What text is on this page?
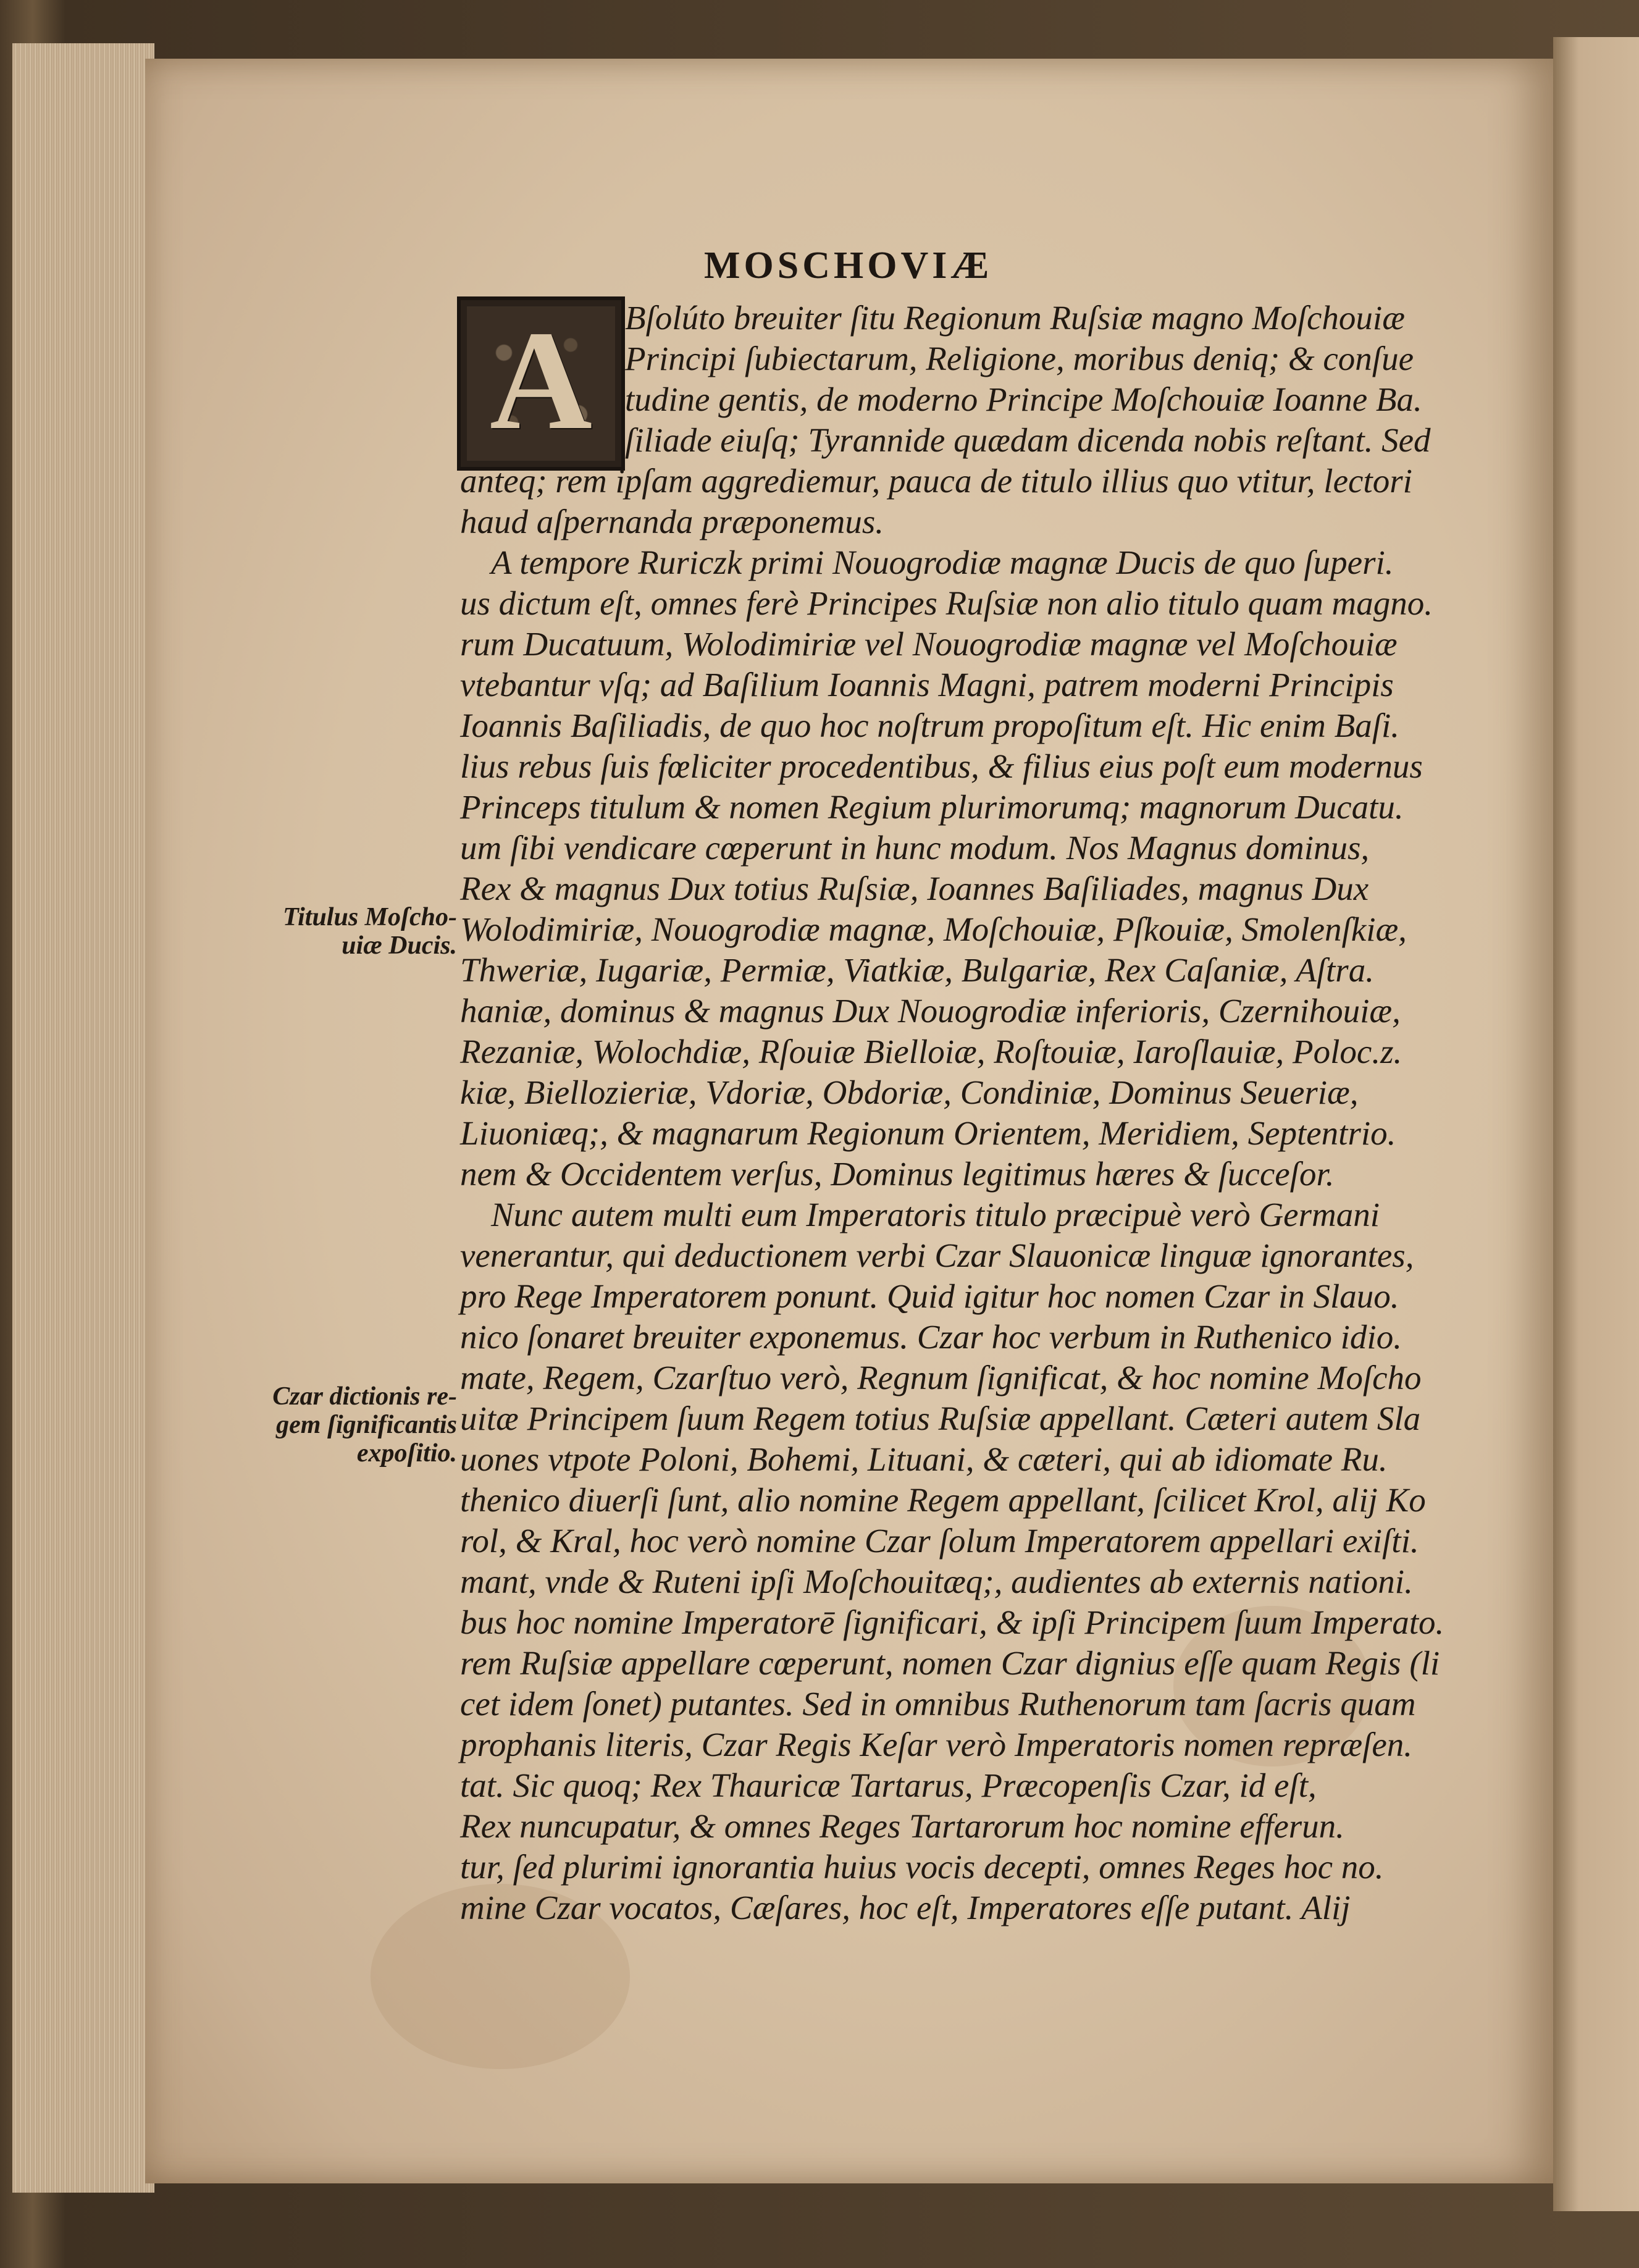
MOSCHOVIÆ
A Bſolúto breuiter ſitu Regionum Ruſsiæ magno Moſchouiæ

Principi ſubiectarum, Religione, moribus deniq; & conſue

tudine gentis, de moderno Principe Moſchouiæ Ioanne Ba.

ſiliade eiuſq; Tyrannide quædam dicenda nobis reſtant. Sed

anteq; rem ipſam aggrediemur, pauca de titulo illius quo vtitur, lectori

haud aſpernanda præponemus.

A tempore Ruriczk primi Nouogrodiæ magnæ Ducis de quo ſuperi.

us dictum eſt, omnes ferè Principes Ruſsiæ non alio titulo quam magno.

rum Ducatuum, Wolodimiriæ vel Nouogrodiæ magnæ vel Moſchouiæ

vtebantur vſq; ad Baſilium Ioannis Magni, patrem moderni Principis

Ioannis Baſiliadis, de quo hoc noſtrum propoſitum eſt. Hic enim Baſi.

lius rebus ſuis fœliciter procedentibus, & filius eius poſt eum modernus

Princeps titulum & nomen Regium plurimorumq; magnorum Ducatu.

um ſibi vendicare cœperunt in hunc modum. Nos Magnus dominus,

Rex & magnus Dux totius Ruſsiæ, Ioannes Baſiliades, magnus Dux

Wolodimiriæ, Nouogrodiæ magnæ, Moſchouiæ, Pſkouiæ, Smolenſkiæ,

Thweriæ, Iugariæ, Permiæ, Viatkiæ, Bulgariæ, Rex Caſaniæ, Aſtra.

haniæ, dominus & magnus Dux Nouogrodiæ inferioris, Czernihouiæ,

Rezaniæ, Wolochdiæ, Rſouiæ Bielloiæ, Roſtouiæ, Iaroſlauiæ, Poloc.z.

kiæ, Biellozieriæ, Vdoriæ, Obdoriæ, Condiniæ, Dominus Seueriæ,

Liuoniæq;, & magnarum Regionum Orientem, Meridiem, Septentrio.

nem & Occidentem verſus, Dominus legitimus hæres & ſucceſor.

Nunc autem multi eum Imperatoris titulo præcipuè verò Germani

venerantur, qui deductionem verbi Czar Slauonicæ linguæ ignorantes,

pro Rege Imperatorem ponunt. Quid igitur hoc nomen Czar in Slauo.

nico ſonaret breuiter exponemus. Czar hoc verbum in Ruthenico idio.

mate, Regem, Czarſtuo verò, Regnum ſignificat, & hoc nomine Moſcho

uitæ Principem ſuum Regem totius Ruſsiæ appellant. Cæteri autem Sla

uones vtpote Poloni, Bohemi, Lituani, & cæteri, qui ab idiomate Ru.

thenico diuerſi ſunt, alio nomine Regem appellant, ſcilicet Krol, alij Ko

rol, & Kral, hoc verò nomine Czar ſolum Imperatorem appellari exiſti.

mant, vnde & Ruteni ipſi Moſchouitæq;, audientes ab externis nationi.

bus hoc nomine Imperatorē ſignificari, & ipſi Principem ſuum Imperato.

rem Ruſsiæ appellare cœperunt, nomen Czar dignius eſſe quam Regis (li

cet idem ſonet) putantes. Sed in omnibus Ruthenorum tam ſacris quam

prophanis literis, Czar Regis Keſar verò Imperatoris nomen repræſen.

tat. Sic quoq; Rex Thauricæ Tartarus, Præcopenſis Czar, id eſt,

Rex nuncupatur, & omnes Reges Tartarorum hoc nomine efferun.

tur, ſed plurimi ignorantia huius vocis decepti, omnes Reges hoc no.

mine Czar vocatos, Cæſares, hoc eſt, Imperatores eſſe putant. Alij

Titulus Moſcho-
uiæ Ducis.
Czar dictionis re-
gem ſignificantis
expoſitio.
